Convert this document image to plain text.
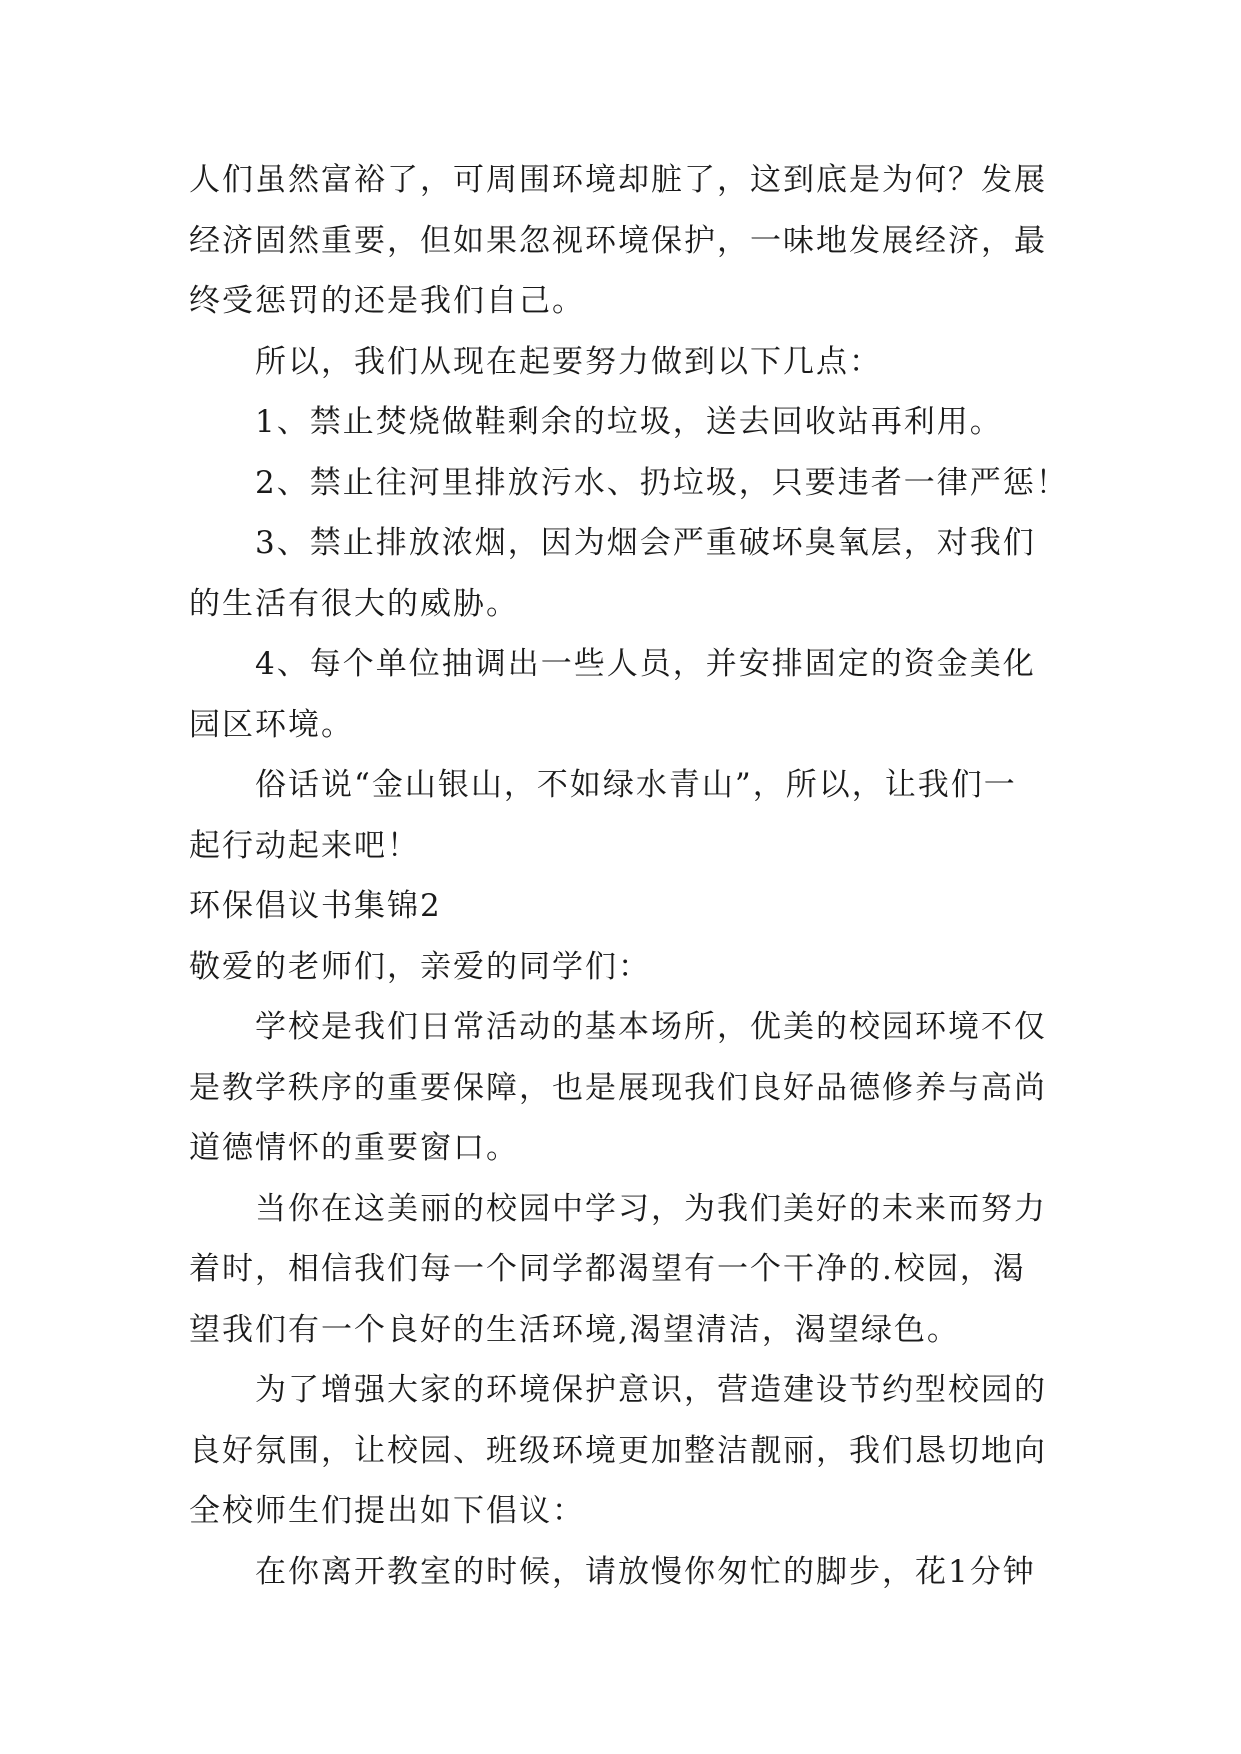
人们虽然富裕了，可周围环境却脏了，这到底是为何？发展
经济固然重要，但如果忽视环境保护，一味地发展经济，最
终受惩罚的还是我们自己。
所以，我们从现在起要努力做到以下几点：
1、禁止焚烧做鞋剩余的垃圾，送去回收站再利用。
2、禁止往河里排放污水、扔垃圾，只要违者一律严惩！
3、禁止排放浓烟，因为烟会严重破坏臭氧层，对我们
的生活有很大的威胁。
4、每个单位抽调出一些人员，并安排固定的资金美化
园区环境。
俗话说“金山银山，不如绿水青山”，所以，让我们一
起行动起来吧！
环保倡议书集锦2
敬爱的老师们，亲爱的同学们：
学校是我们日常活动的基本场所，优美的校园环境不仅
是教学秩序的重要保障，也是展现我们良好品德修养与高尚
道德情怀的重要窗口。
当你在这美丽的校园中学习，为我们美好的未来而努力
着时，相信我们每一个同学都渴望有一个干净的.校园，渴
望我们有一个良好的生活环境,渴望清洁，渴望绿色。
为了增强大家的环境保护意识，营造建设节约型校园的
良好氛围，让校园、班级环境更加整洁靓丽，我们恳切地向
全校师生们提出如下倡议：
在你离开教室的时候，请放慢你匆忙的脚步，花1分钟
